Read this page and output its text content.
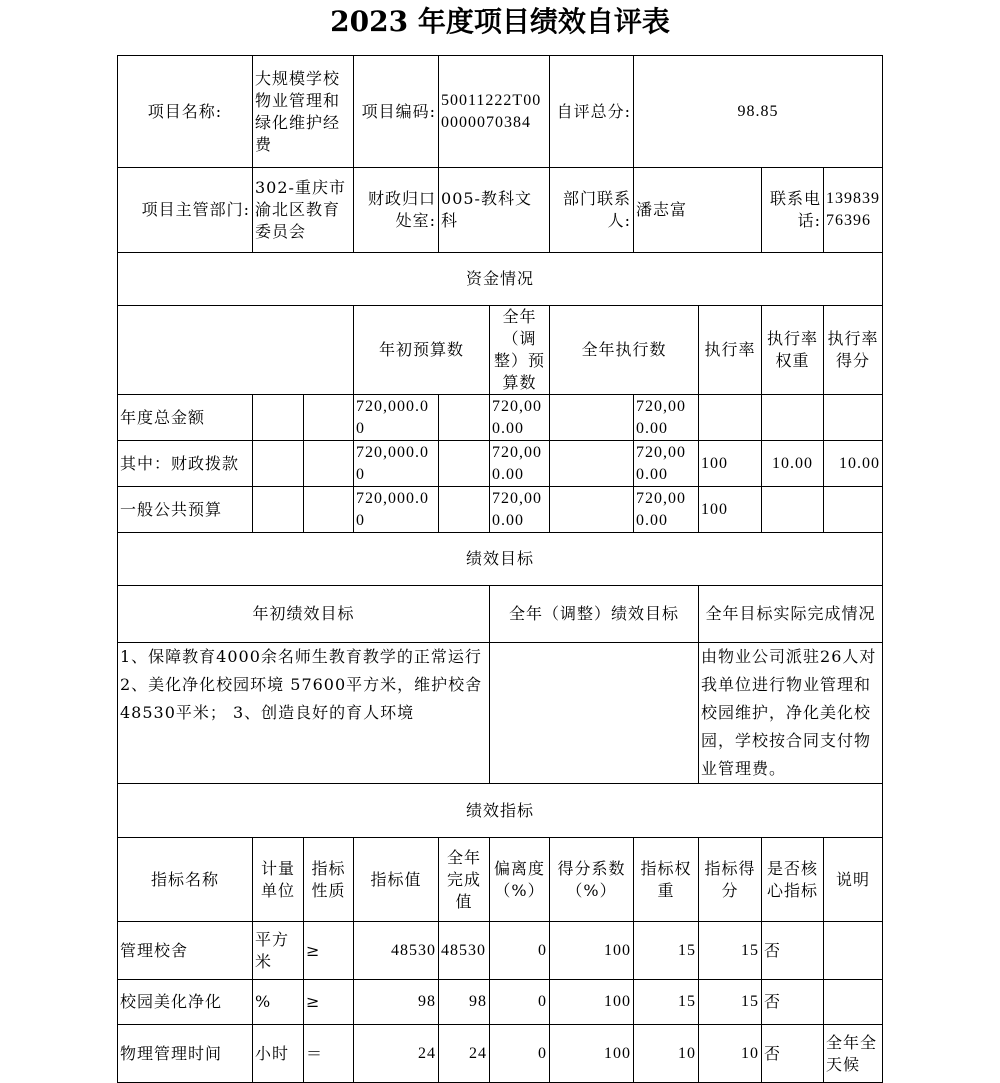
2023 年度项目绩效自评表
项目名称:	大规模学校物业管理和绿化维护经费		项目编码:	50011222T000000070384		自评总分:	98.85			
项目主管部门:	302-重庆市渝北区教育委员会		财政归口处室:	005-教科文科		部门联系人:	潘志富		联系电话:	13983976396
资金情况										
			年初预算数		全年（调整）预算数	全年执行数		执行率	执行率权重	执行率得分
年度总金额			720,000.00		720,000.00		720,000.00			
其中：财政拨款			720,000.00		720,000.00		720,000.00	100	10.00	10.00
一般公共预算			720,000.00		720,000.00		720,000.00	100		
绩效目标										
年初绩效目标					全年（调整）绩效目标			全年目标实际完成情况		
1、保障教育4000余名师生教育教学的正常运行 2、美化净化校园环境 57600平方米，维护校舍48530平米； 3、创造良好的育人环境								由物业公司派驻26人对我单位进行物业管理和校园维护，净化美化校园，学校按合同支付物业管理费。		
绩效指标										
指标名称	计量单位	指标性质	指标值	全年完成值	偏离度（%）	得分系数（%）	指标权重	指标得分	是否核心指标	说明
管理校舍	平方米	≥	48530	48530	0	100	15	15	否	
校园美化净化	%	≥	98	98	0	100	15	15	否	
物理管理时间	小时	＝	24	24	0	100	10	10	否	全年全天候
